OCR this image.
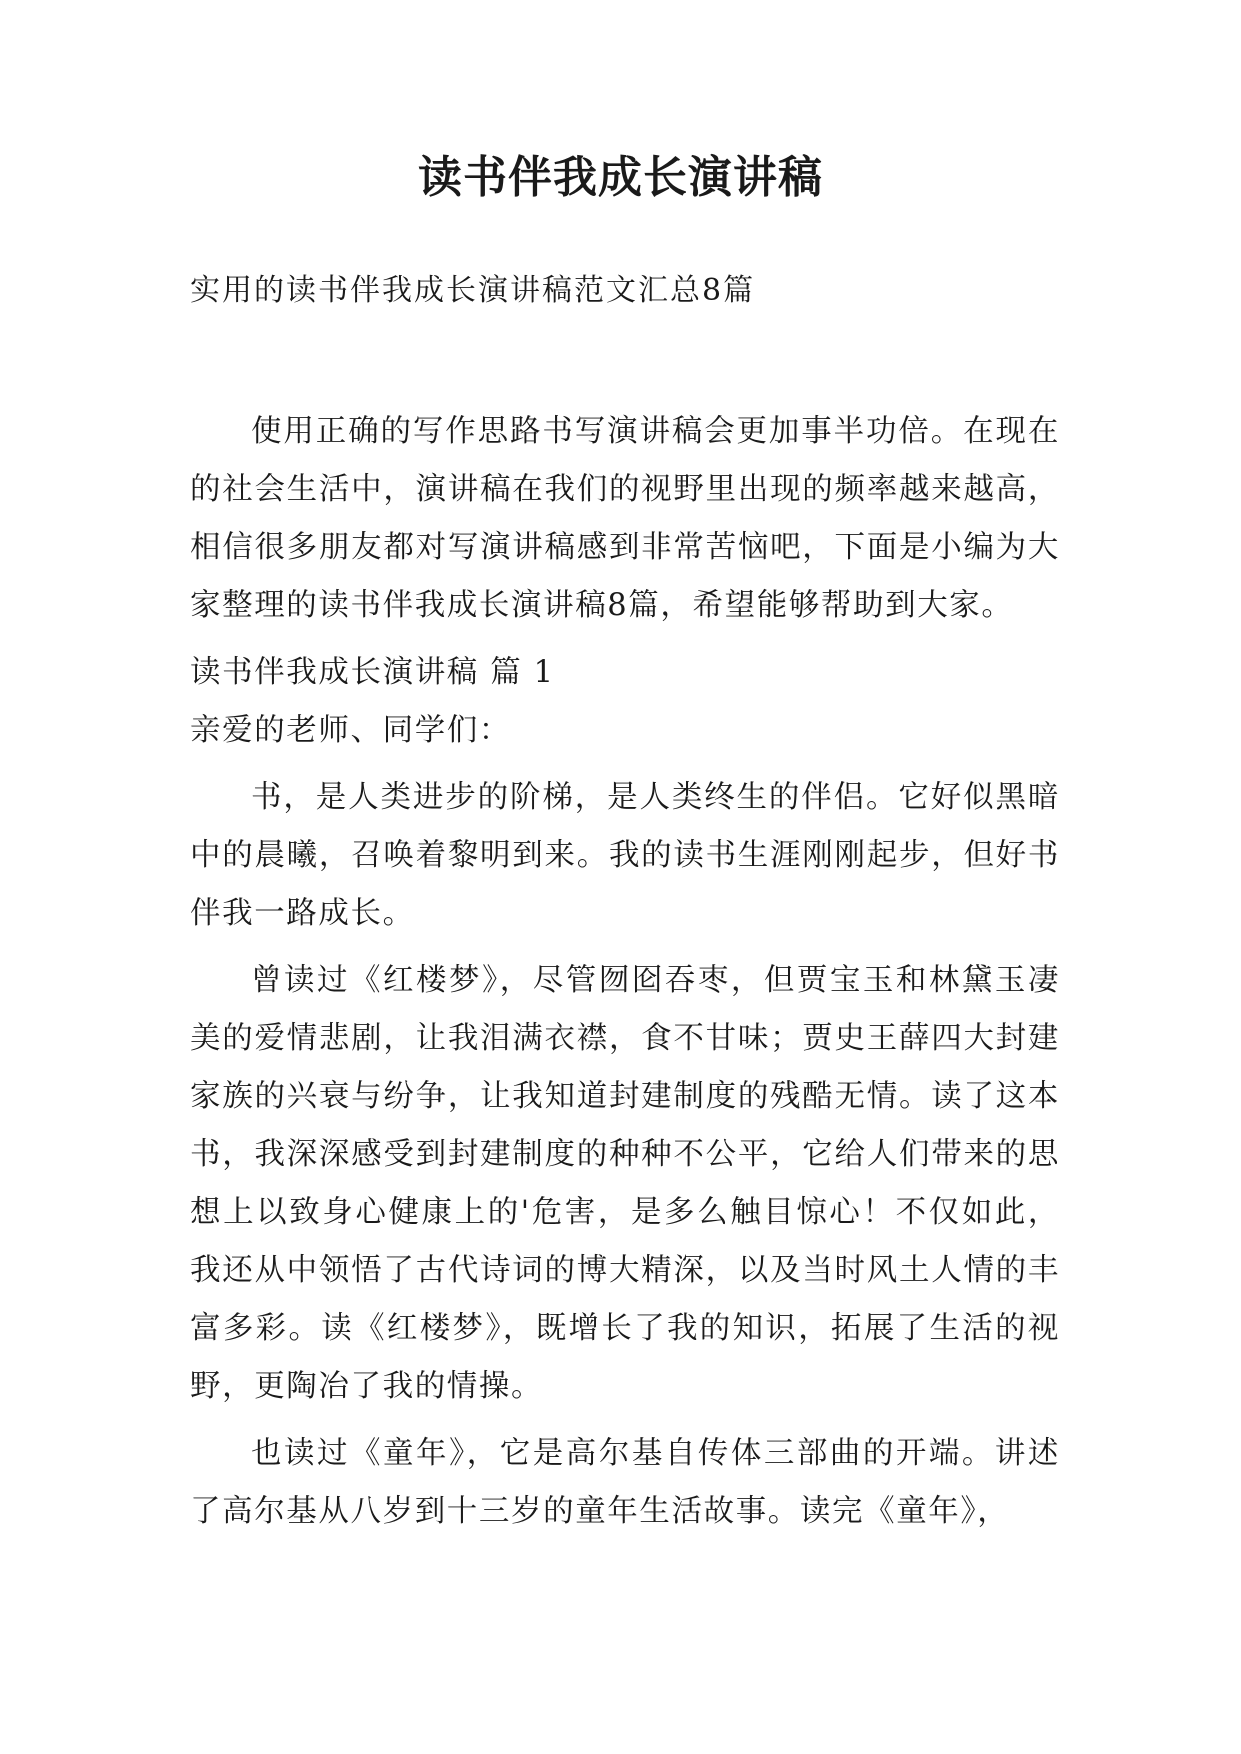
读书伴我成长演讲稿

实用的读书伴我成长演讲稿范文汇总8篇

使用正确的写作思路书写演讲稿会更加事半功倍。在现在的社会生活中，演讲稿在我们的视野里出现的频率越来越高，相信很多朋友都对写演讲稿感到非常苦恼吧，下面是小编为大家整理的读书伴我成长演讲稿8篇，希望能够帮助到大家。

读书伴我成长演讲稿 篇 1

亲爱的老师、同学们：

书，是人类进步的阶梯，是人类终生的伴侣。它好似黑暗中的晨曦，召唤着黎明到来。我的读书生涯刚刚起步，但好书伴我一路成长。

曾读过《红楼梦》，尽管囫囵吞枣，但贾宝玉和林黛玉凄美的爱情悲剧，让我泪满衣襟，食不甘味；贾史王薛四大封建家族的兴衰与纷争，让我知道封建制度的残酷无情。读了这本书，我深深感受到封建制度的种种不公平，它给人们带来的思想上以致身心健康上的'危害，是多么触目惊心！不仅如此，我还从中领悟了古代诗词的博大精深，以及当时风土人情的丰富多彩。读《红楼梦》，既增长了我的知识，拓展了生活的视野，更陶冶了我的情操。

也读过《童年》，它是高尔基自传体三部曲的开端。讲述了高尔基从八岁到十三岁的童年生活故事。读完《童年》，
